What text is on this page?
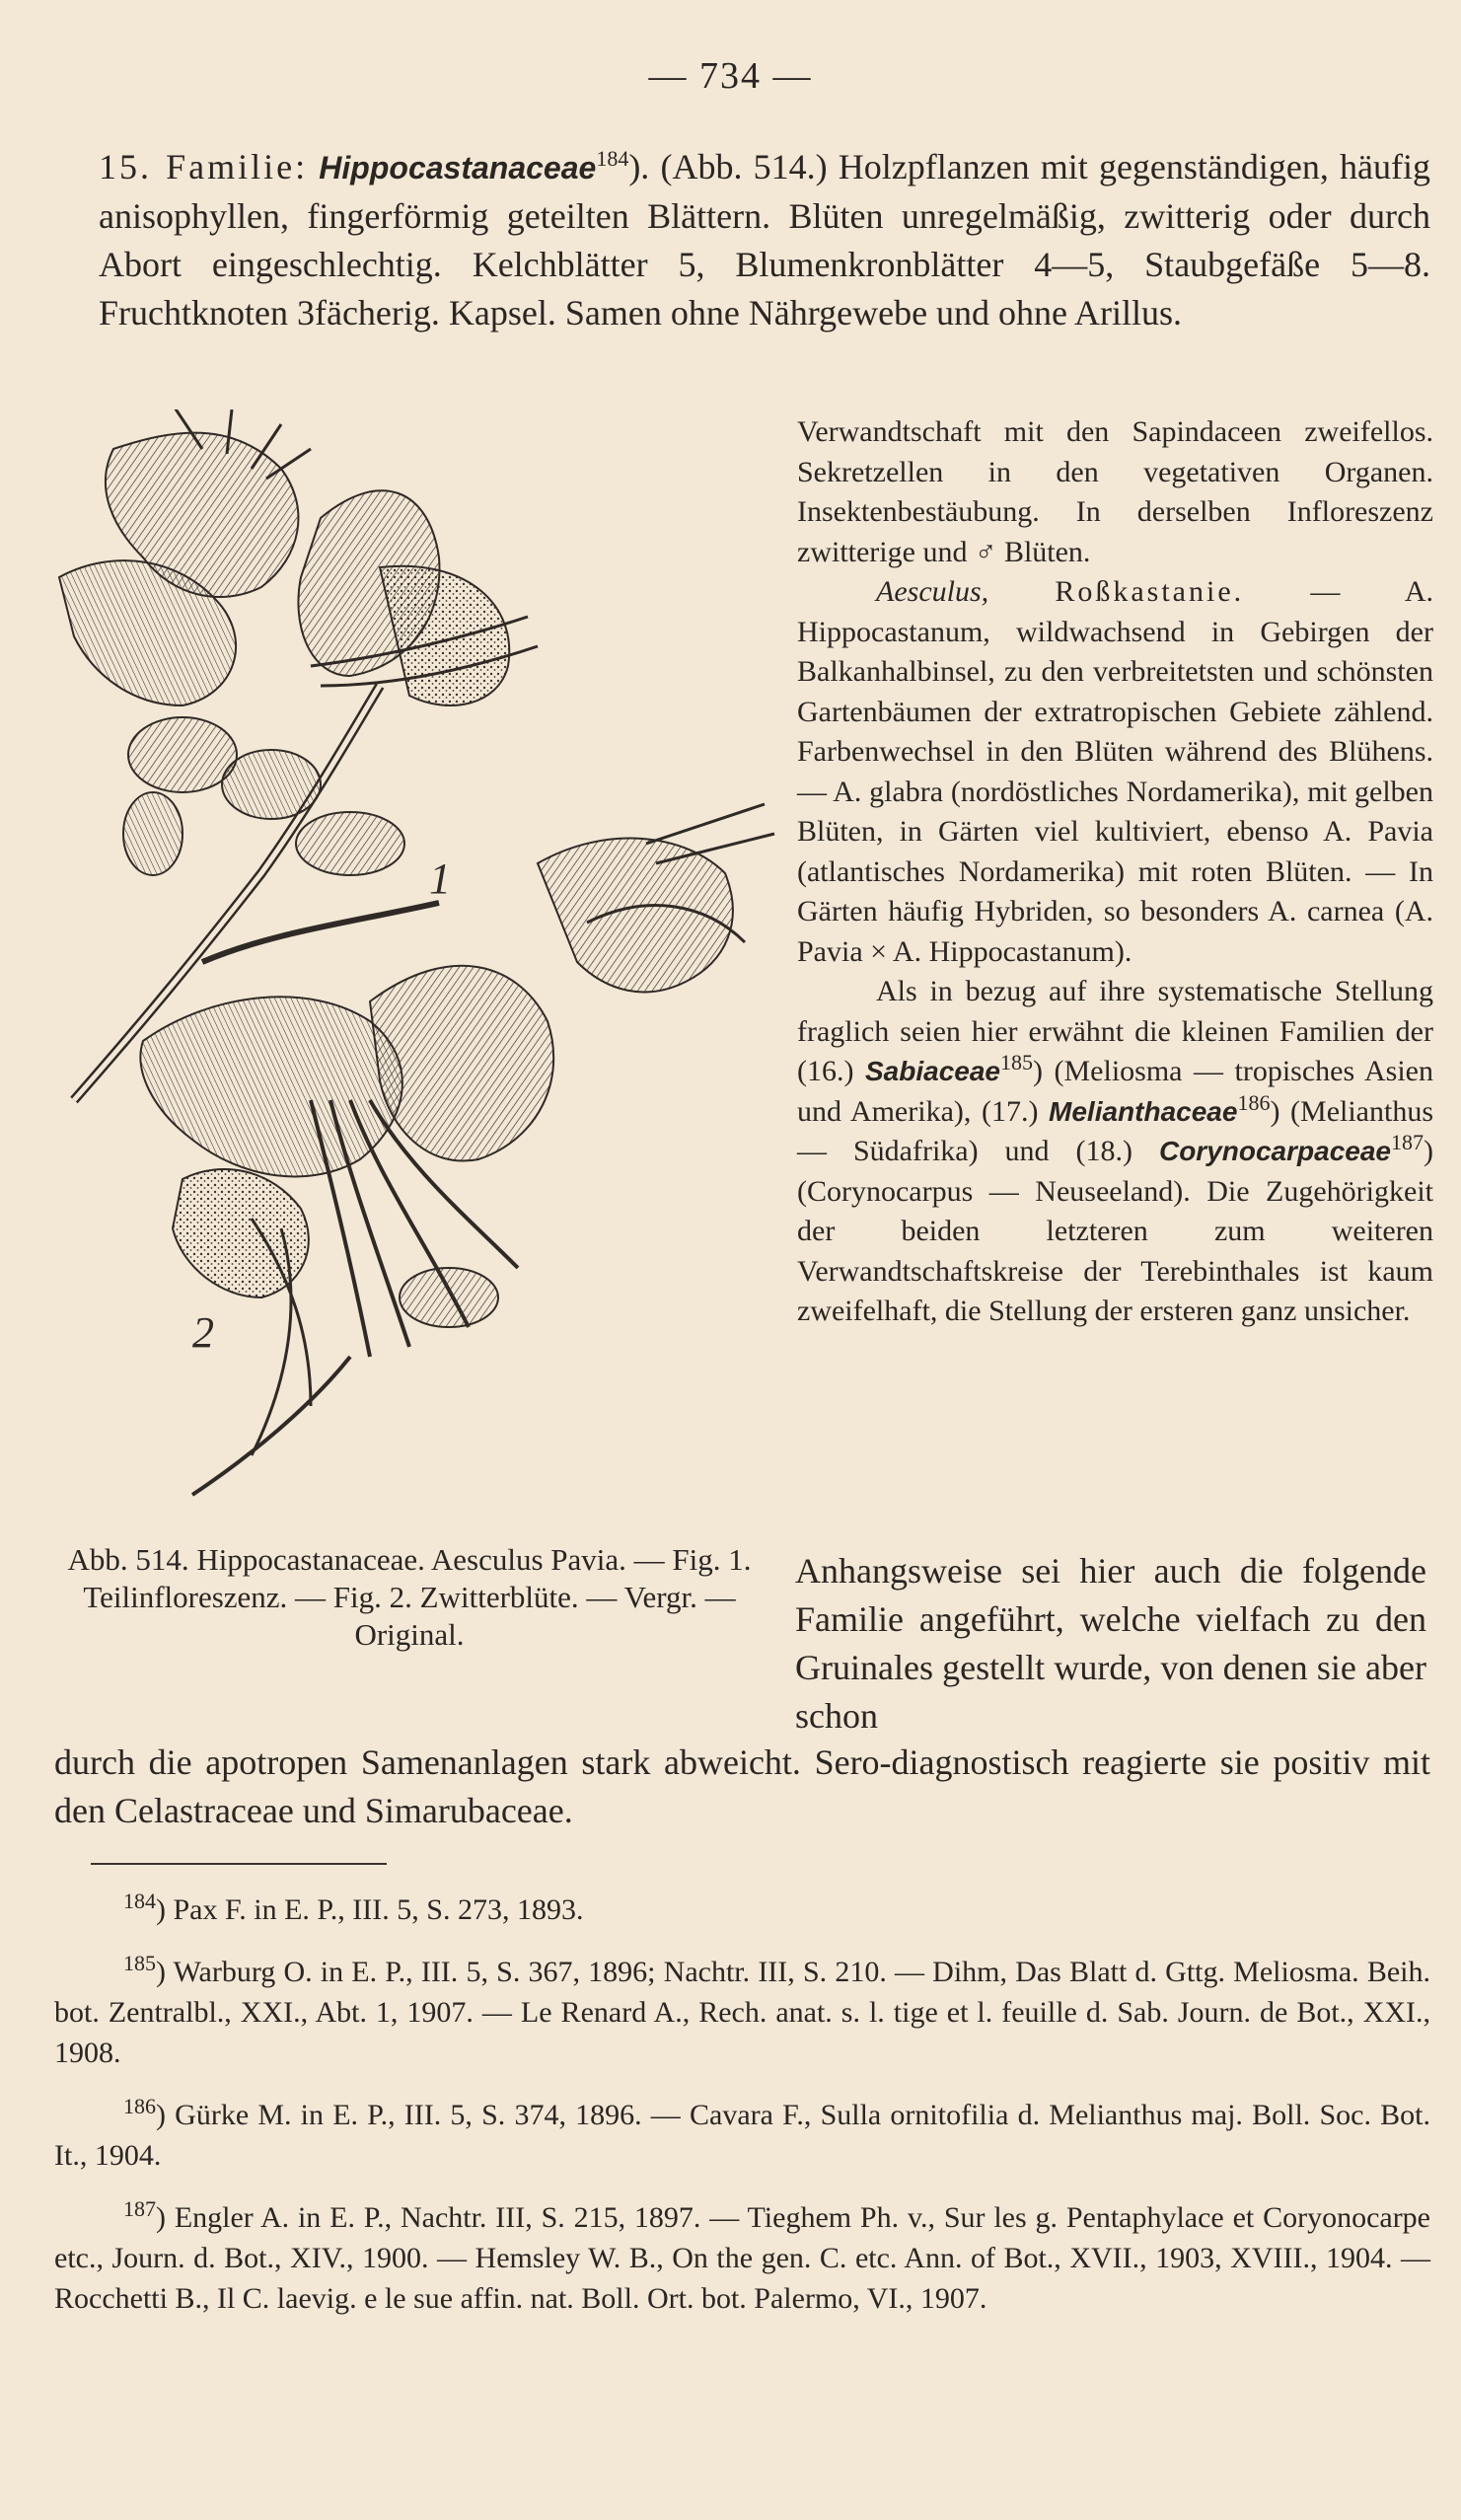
— 734 —
15. Familie: Hippocastanaceae$^{184}$). (Abb. 514.) Holzpflanzen mit gegenständigen, häufig anisophyllen, fingerförmig geteilten Blättern. Blüten unregelmäßig, zwitterig oder durch Abort eingeschlechtig. Kelchblätter 5, Blumenkronblätter 4—5, Staubgefäße 5—8. Fruchtknoten 3fächerig. Kapsel. Samen ohne Nährgewebe und ohne Arillus.
1
2

Verwandtschaft mit den Sapindaceen zweifellos. Sekretzellen in den vegetativen Organen. Insektenbestäubung. In derselben Infloreszenz zwitterige und ♂ Blüten.

Aesculus, Roßkastanie. — A. Hippocastanum, wildwachsend in Gebirgen der Balkanhalbinsel, zu den verbreitetsten und schönsten Gartenbäumen der extratropischen Gebiete zählend. Farbenwechsel in den Blüten während des Blühens. — A. glabra (nordöstliches Nordamerika), mit gelben Blüten, in Gärten viel kultiviert, ebenso A. Pavia (atlantisches Nordamerika) mit roten Blüten. — In Gärten häufig Hybriden, so besonders A. carnea (A. Pavia × A. Hippocastanum).

Als in bezug auf ihre systematische Stellung fraglich seien hier erwähnt die kleinen Familien der (16.) Sabiaceae$^{185}$) (Meliosma — tropisches Asien und Amerika), (17.) Melianthaceae$^{186}$) (Melianthus — Südafrika) und (18.) Corynocarpaceae$^{187}$) (Corynocarpus — Neuseeland). Die Zugehörigkeit der beiden letzteren zum weiteren Verwandtschaftskreise der Terebinthales ist kaum zweifelhaft, die Stellung der ersteren ganz unsicher.

Abb. 514. Hippocastanaceae. Aesculus Pavia. — Fig. 1. Teilinfloreszenz. — Fig. 2. Zwitterblüte. — Vergr. — Original.
Anhangsweise sei hier auch die folgende Familie angeführt, welche vielfach zu den Gruinales gestellt wurde, von denen sie aber schon
durch die apotropen Samenanlagen stark abweicht. Sero-diagnostisch reagierte sie positiv mit den Celastraceae und Simarubaceae.

$^{184}$) Pax F. in E. P., III. 5, S. 273, 1893.

$^{185}$) Warburg O. in E. P., III. 5, S. 367, 1896; Nachtr. III, S. 210. — Dihm, Das Blatt d. Gttg. Meliosma. Beih. bot. Zentralbl., XXI., Abt. 1, 1907. — Le Renard A., Rech. anat. s. l. tige et l. feuille d. Sab. Journ. de Bot., XXI., 1908.

$^{186}$) Gürke M. in E. P., III. 5, S. 374, 1896. — Cavara F., Sulla ornitofilia d. Melianthus maj. Boll. Soc. Bot. It., 1904.

$^{187}$) Engler A. in E. P., Nachtr. III, S. 215, 1897. — Tieghem Ph. v., Sur les g. Pentaphylace et Coryonocarpe etc., Journ. d. Bot., XIV., 1900. — Hemsley W. B., On the gen. C. etc. Ann. of Bot., XVII., 1903, XVIII., 1904. — Rocchetti B., Il C. laevig. e le sue affin. nat. Boll. Ort. bot. Palermo, VI., 1907.
